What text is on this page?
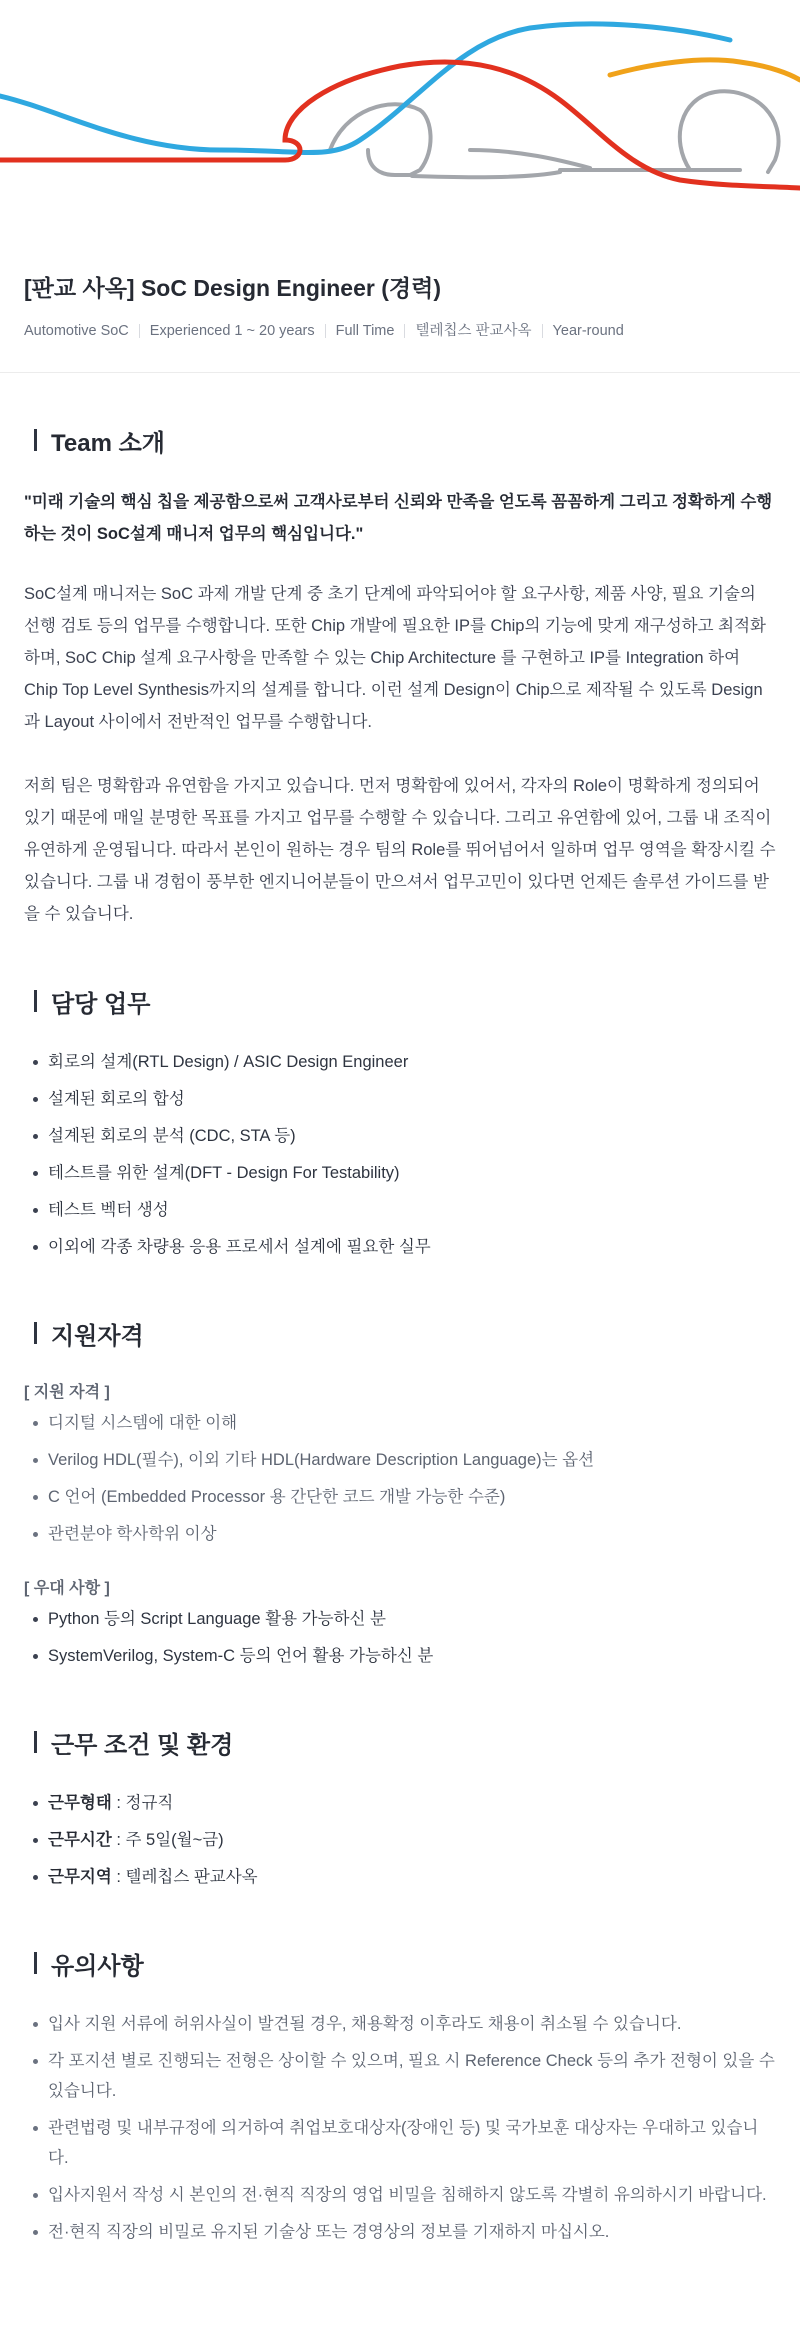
[판교 사옥] SoC Design Engineer (경력)
Automotive SoC	Experienced 1 ~ 20 years	Full Time	텔레칩스 판교사옥	Year-round
Team 소개

"미래 기술의 핵심 칩을 제공함으로써 고객사로부터 신뢰와 만족을 얻도록 꼼꼼하게 그리고 정확하게 수행하는 것이 SoC설계 매니저 업무의 핵심입니다."

SoC설계 매니저는 SoC 과제 개발 단계 중 초기 단계에 파악되어야 할 요구사항, 제품 사양, 필요 기술의 선행 검토 등의 업무를 수행합니다. 또한 Chip 개발에 필요한 IP를 Chip의 기능에 맞게 재구성하고 최적화하며, SoC Chip 설계 요구사항을 만족할 수 있는 Chip Architecture 를 구현하고 IP를 Integration 하여 Chip Top Level Synthesis까지의 설계를 합니다. 이런 설계 Design이 Chip으로 제작될 수 있도록 Design과 Layout 사이에서 전반적인 업무를 수행합니다.

저희 팀은 명확함과 유연함을 가지고 있습니다. 먼저 명확함에 있어서, 각자의 Role이 명확하게 정의되어 있기 때문에 매일 분명한 목표를 가지고 업무를 수행할 수 있습니다. 그리고 유연함에 있어, 그룹 내 조직이 유연하게 운영됩니다. 따라서 본인이 원하는 경우 팀의 Role를 뛰어넘어서 일하며 업무 영역을 확장시킬 수 있습니다. 그룹 내 경험이 풍부한 엔지니어분들이 만으셔서 업무고민이 있다면 언제든 솔루션 가이드를 받을 수 있습니다.

담당 업무
회로의 설계(RTL Design) / ASIC Design Engineer
설계된 회로의 합성
설계된 회로의 분석 (CDC, STA 등)
테스트를 위한 설계(DFT - Design For Testability)
테스트 벡터 생성
이외에 각종 차량용 응용 프로세서 설계에 필요한 실무
지원자격
[ 지원 자격 ]
디지털 시스템에 대한 이해
Verilog HDL(필수), 이외 기타 HDL(Hardware Description Language)는 옵션
C 언어 (Embedded Processor 용 간단한 코드 개발 가능한 수준)
관련분야 학사학위 이상
[ 우대 사항 ]
Python 등의 Script Language 활용 가능하신 분
SystemVerilog, System-C 등의 언어 활용 가능하신 분
근무 조건 및 환경
근무형태 : 정규직
근무시간 : 주 5일(월~금)
근무지역 : 텔레칩스 판교사옥
유의사항
입사 지원 서류에 허위사실이 발견될 경우, 채용확정 이후라도 채용이 취소될 수 있습니다.
각 포지션 별로 진행되는 전형은 상이할 수 있으며, 필요 시 Reference Check 등의 추가 전형이 있을 수 있습니다.
관련법령 및 내부규정에 의거하여 취업보호대상자(장애인 등) 및 국가보훈 대상자는 우대하고 있습니다.
입사지원서 작성 시 본인의 전·현직 직장의 영업 비밀을 침해하지 않도록 각별히 유의하시기 바랍니다.
전·현직 직장의 비밀로 유지된 기술상 또는 경영상의 정보를 기재하지 마십시오.
